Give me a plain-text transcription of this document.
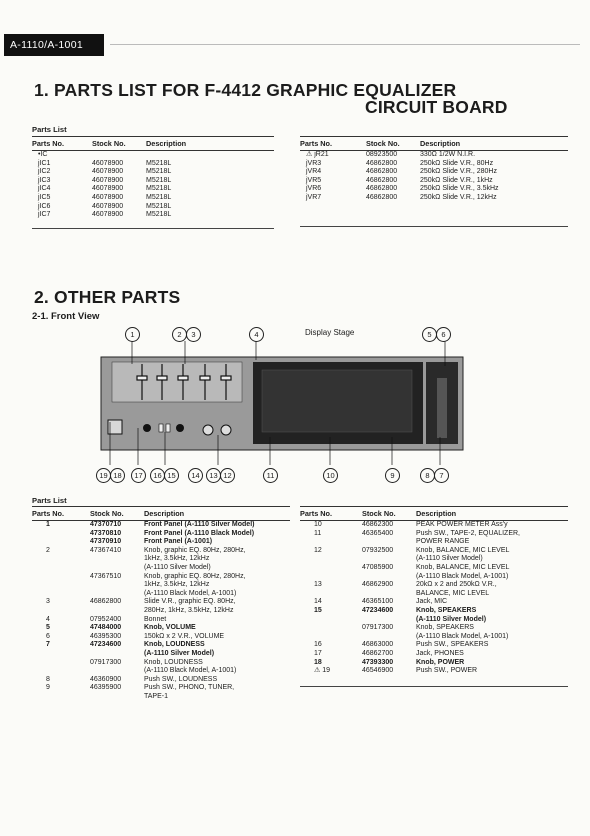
A-1110/A-1001
1. PARTS LIST FOR F-4412 GRAPHIC EQUALIZER
CIRCUIT BOARD
Parts List
Parts No.	Stock No.	Description
•IC		
jIC1	46078900	M5218L
jIC2	46078900	M5218L
jIC3	46078900	M5218L
jIC4	46078900	M5218L
jIC5	46078900	M5218L
jIC6	46078900	M5218L
jIC7	46078900	M5218L
Parts No.	Stock No.	Description
⚠ jR21	08923500	330Ω 1/2W N.I.R.

jVR3	46862800	250kΩ Slide V.R., 80Hz
jVR4	46862800	250kΩ Slide V.R., 280Hz
jVR5	46862800	250kΩ Slide V.R., 1kHz
jVR6	46862800	250kΩ Slide V.R., 3.5kHz
jVR7	46862800	250kΩ Slide V.R., 12kHz
2. OTHER PARTS
2-1. Front View
Display Stage
1	2	3	4	5	6
19 18	17	16 15	14	13 12	11	10	9	8	7
Parts List
Parts No.	Stock No.	Description
1	47370710	Front Panel (A-1110 Silver Model)
	47370810	Front Panel (A-1110 Black Model)
	47370910	Front Panel (A-1001)
2	47367410	Knob, graphic EQ. 80Hz, 280Hz,
		1kHz, 3.5kHz, 12kHz
		(A-1110 Silver Model)
	47367510	Knob, graphic EQ. 80Hz, 280Hz,
		1kHz, 3.5kHz, 12kHz
		(A-1110 Black Model, A-1001)
3	46862800	Slide V.R., graphic EQ. 80Hz,
		280Hz, 1kHz, 3.5kHz, 12kHz
4	07952400	Bonnet
5	47484000	Knob, VOLUME
6	46395300	150kΩ x 2 V.R., VOLUME
7	47234600	Knob, LOUDNESS
		(A-1110 Silver Model)
	07917300	Knob, LOUDNESS
		(A-1110 Black Model, A-1001)
8	46360900	Push SW., LOUDNESS
9	46395900	Push SW., PHONO, TUNER,
		TAPE-1
Parts No.	Stock No.	Description
10	46862300	PEAK POWER METER Ass'y
11	46365400	Push SW., TAPE-2, EQUALIZER,
		POWER RANGE
12	07932500	Knob, BALANCE, MIC LEVEL
		(A-1110 Silver Model)
	47085900	Knob, BALANCE, MIC LEVEL
		(A-1110 Black Model, A-1001)
13	46862900	20kΩ x 2 and 250kΩ V.R.,
		BALANCE, MIC LEVEL
14	46365100	Jack, MIC
15	47234600	Knob, SPEAKERS
		(A-1110 Silver Model)
	07917300	Knob, SPEAKERS
		(A-1110 Black Model, A-1001)
16	46863000	Push SW., SPEAKERS
17	46862700	Jack, PHONES
18	47393300	Knob, POWER
⚠ 19	46546900	Push SW., POWER
